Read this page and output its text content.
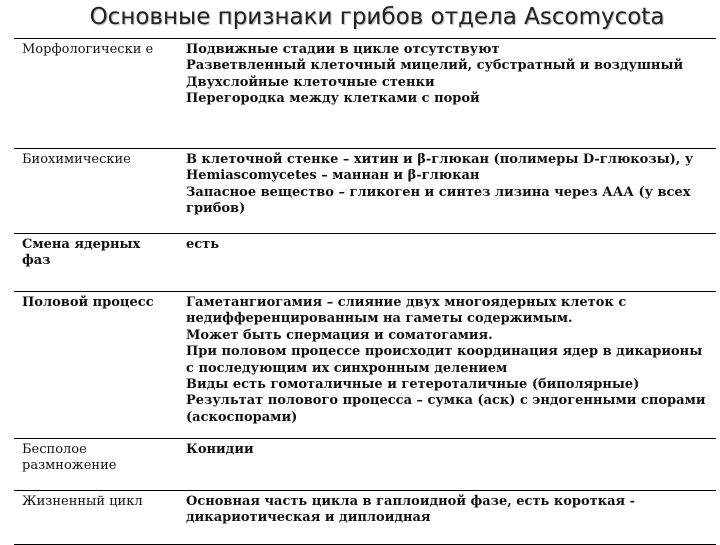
Основные признаки грибов отдела Ascomycota
Морфологически е	Подвижные стадии в цикле отсутствуют
Разветвленный клеточный мицелий, субстратный и воздушный
Двухслойные клеточные стенки
Перегородка между клетками с порой

Биохимические	В клеточной стенке – хитин и β-глюкан (полимеры D-глюкозы), у Hemiascomycetes – маннан и β-глюкан
Запасное вещество – гликоген и синтез лизина через ААА (у всех грибов)

Смена ядерных фаз	есть

Половой процесс	Гаметангиогамия – слияние двух многоядерных клеток с недифференцированным на гаметы содержимым.
Может быть спермация и соматогамия.
При половом процессе происходит координация ядер в дикарионы с последующим их синхронным делением
Виды есть гомоталичные и гетероталичные (биполярные)
Результат полового процесса – сумка (аск) с эндогенными спорами (аскоспорами)

Бесполое размножение	Конидии

Жизненный цикл	Основная часть цикла в гаплоидной фазе, есть короткая - дикариотическая и диплоидная
